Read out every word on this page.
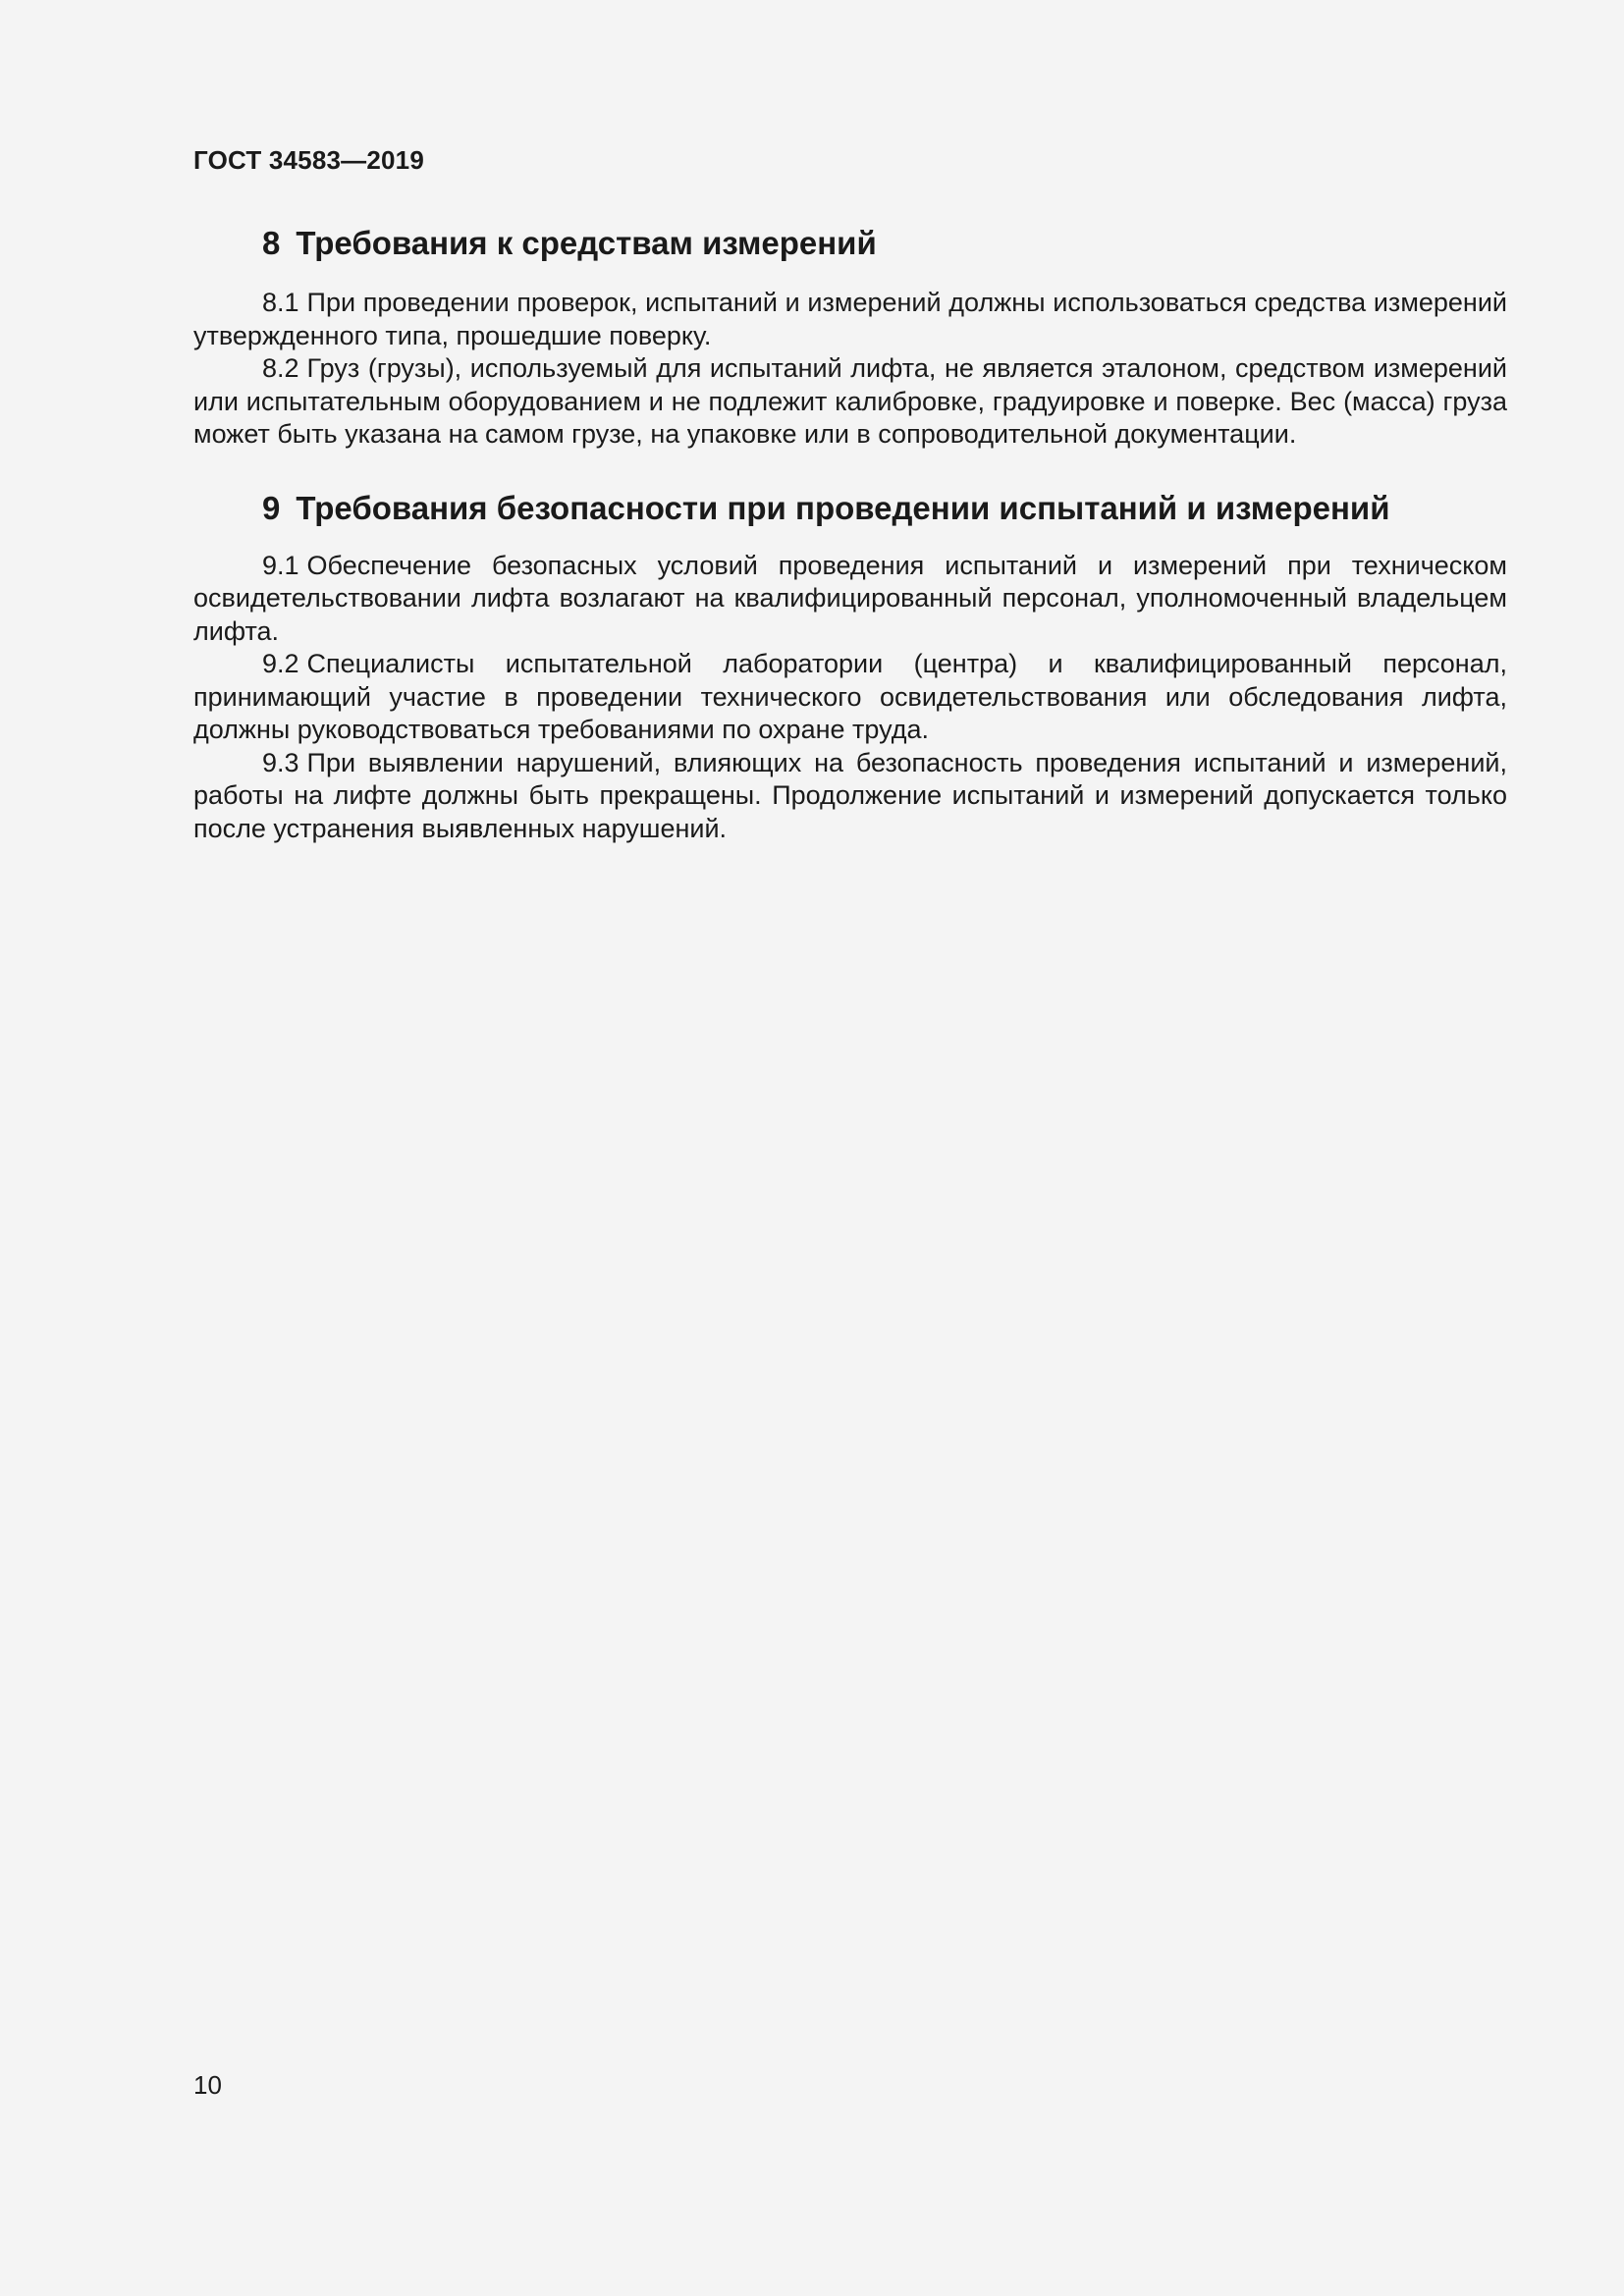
ГОСТ 34583—2019
8 Требования к средствам измерений

8.1 При проведении проверок, испытаний и измерений должны использоваться средства измерений утвержденного типа, прошедшие поверку.

8.2 Груз (грузы), используемый для испытаний лифта, не является эталоном, средством измерений или испытательным оборудованием и не подлежит калибровке, градуировке и поверке. Вес (масса) груза может быть указана на самом грузе, на упаковке или в сопроводительной документации.

9 Требования безопасности при проведении испытаний и измерений

9.1 Обеспечение безопасных условий проведения испытаний и измерений при техническом освидетельствовании лифта возлагают на квалифицированный персонал, уполномоченный владельцем лифта.

9.2 Специалисты испытательной лаборатории (центра) и квалифицированный персонал, принимающий участие в проведении технического освидетельствования или обследования лифта, должны руководствоваться требованиями по охране труда.

9.3 При выявлении нарушений, влияющих на безопасность проведения испытаний и измерений, работы на лифте должны быть прекращены. Продолжение испытаний и измерений допускается только после устранения выявленных нарушений.

10
